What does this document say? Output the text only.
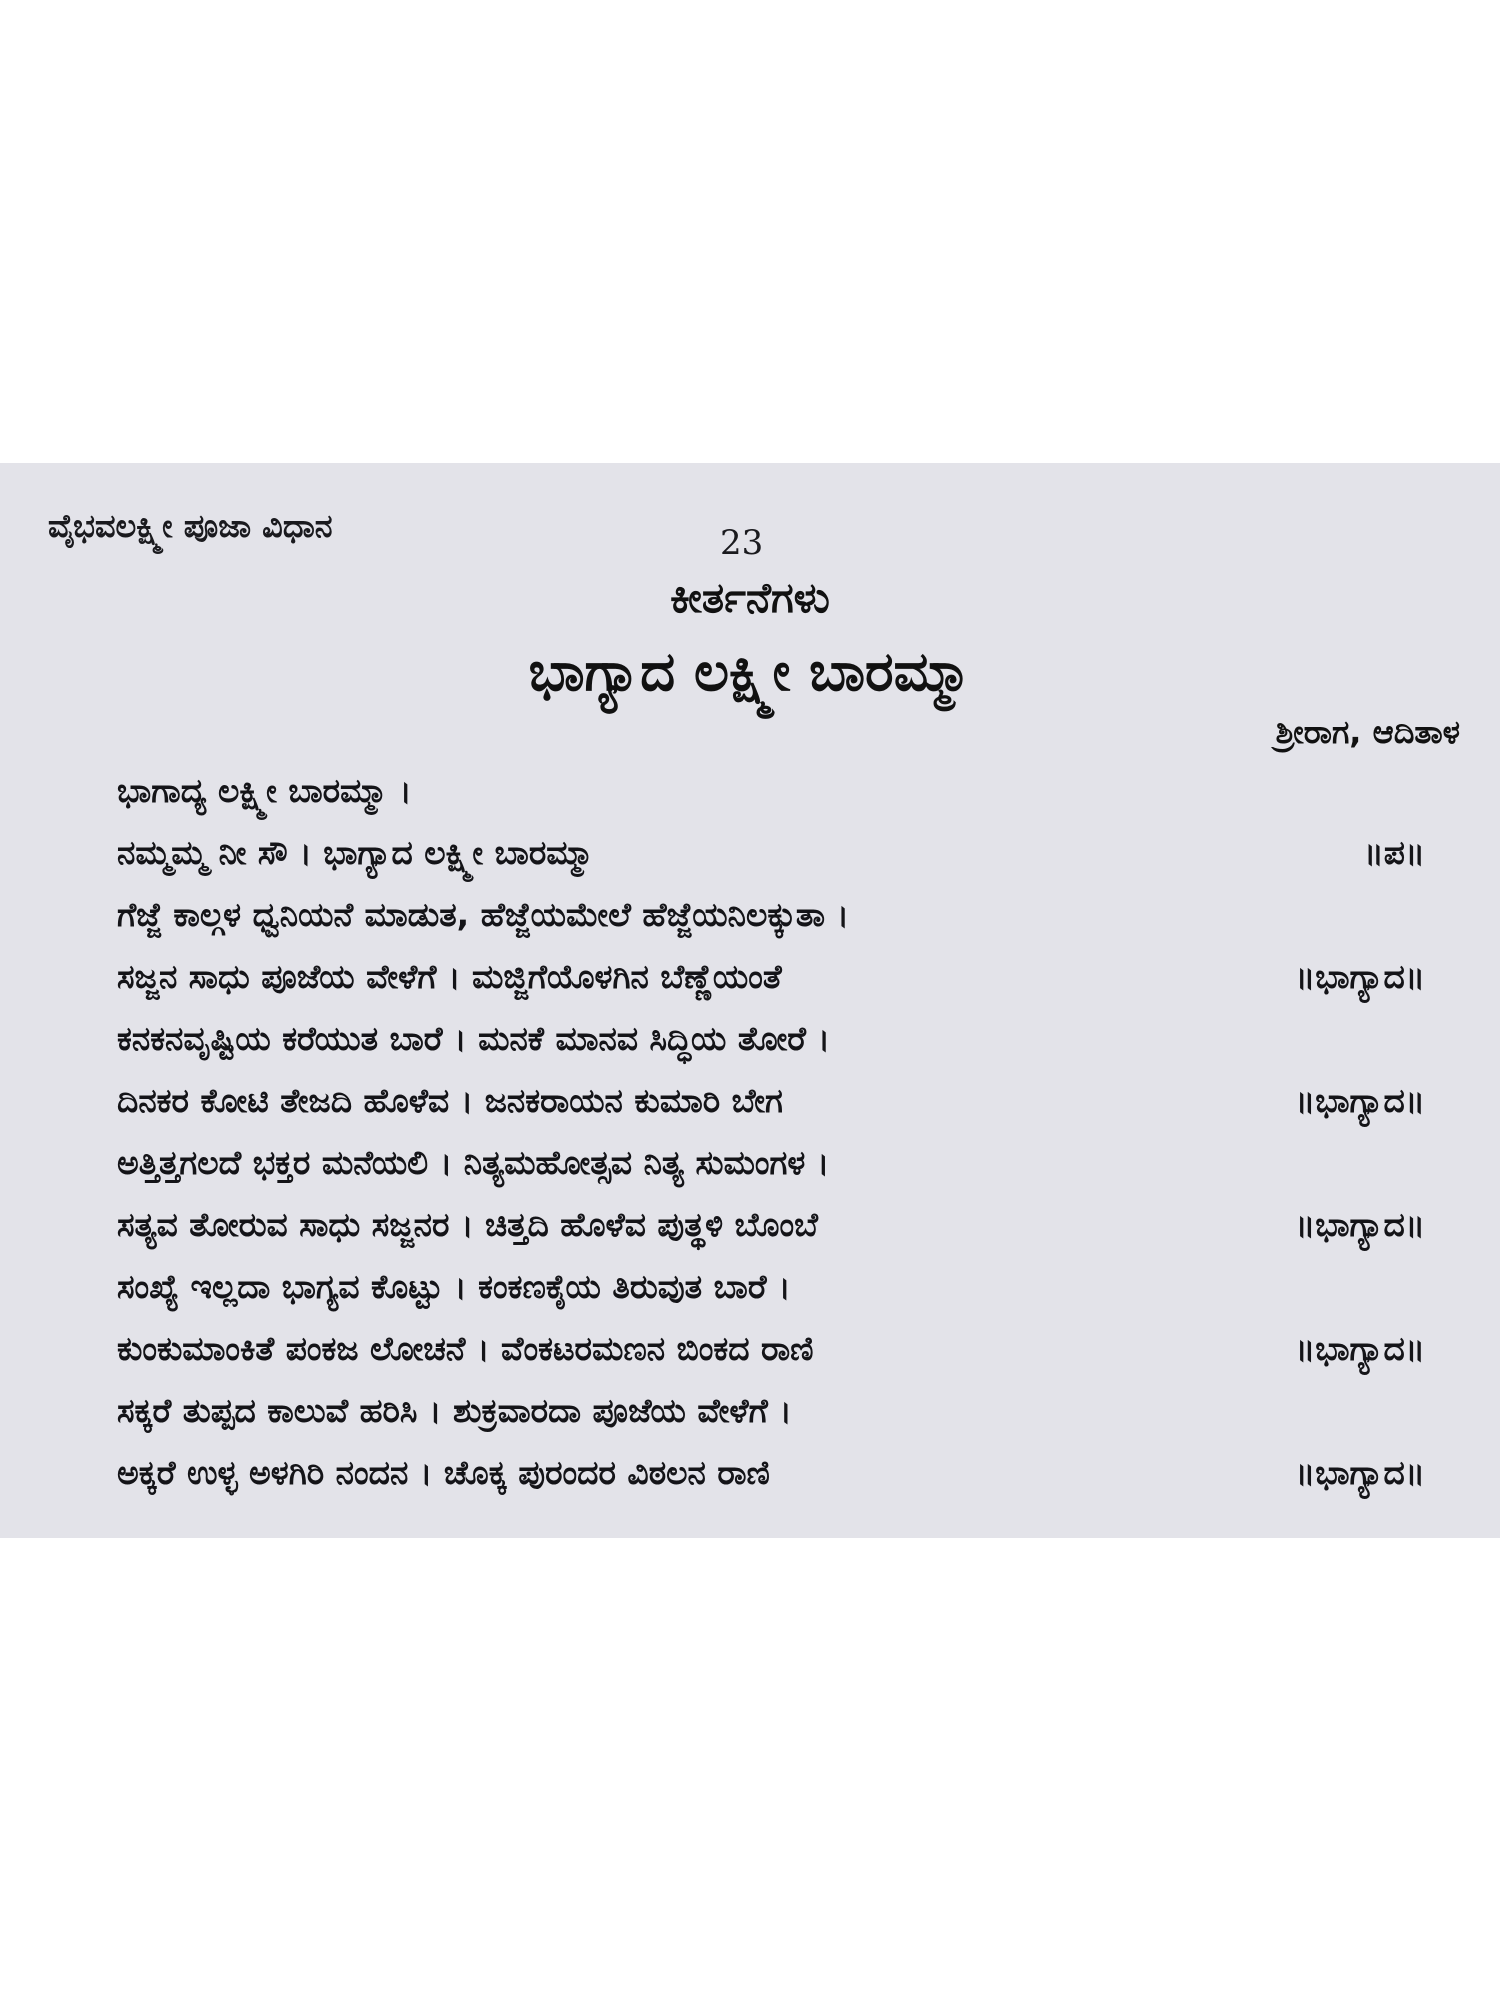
ವೈಭವಲಕ್ಷ್ಮೀ ಪೂಜಾ ವಿಧಾನ	23
ಕೀರ್ತನೆಗಳು
ಭಾಗ್ಯಾದ ಲಕ್ಷ್ಮೀ ಬಾರಮ್ಮಾ
ಶ್ರೀರಾಗ, ಆದಿತಾಳ
ಭಾಗಾದ್ಯ ಲಕ್ಷ್ಮೀ ಬಾರಮ್ಮಾ ।
ನಮ್ಮಮ್ಮ ನೀ ಸೌ । ಭಾಗ್ಯಾದ ಲಕ್ಷ್ಮೀ ಬಾರಮ್ಮಾ	॥ಪ॥
ಗೆಜ್ಜೆ ಕಾಲ್ಗಳ ಧ್ವನಿಯನೆ ಮಾಡುತ, ಹೆಜ್ಜೆಯಮೇಲೆ ಹೆಜ್ಜೆಯನಿಲಕ್ಕುತಾ ।
ಸಜ್ಜನ ಸಾಧು ಪೂಜೆಯ ವೇಳೆಗೆ । ಮಜ್ಜಿಗೆಯೊಳಗಿನ ಬೆಣ್ಣೆಯಂತೆ	॥ಭಾಗ್ಯಾದ॥
ಕನಕನವೃಷ್ಟಿಯ ಕರೆಯುತ ಬಾರೆ । ಮನಕೆ ಮಾನವ ಸಿದ್ಧಿಯ ತೋರೆ ।
ದಿನಕರ ಕೋಟಿ ತೇಜದಿ ಹೊಳೆವ । ಜನಕರಾಯನ ಕುಮಾರಿ ಬೇಗ	॥ಭಾಗ್ಯಾದ॥
ಅತ್ತಿತ್ತಗಲದೆ ಭಕ್ತರ ಮನೆಯಲಿ । ನಿತ್ಯಮಹೋತ್ಸವ ನಿತ್ಯ ಸುಮಂಗಳ ।
ಸತ್ಯವ ತೋರುವ ಸಾಧು ಸಜ್ಜನರ । ಚಿತ್ತದಿ ಹೊಳೆವ ಪುತ್ಥಳಿ ಬೊಂಬೆ	॥ಭಾಗ್ಯಾದ॥
ಸಂಖ್ಯೆ ಇಲ್ಲದಾ ಭಾಗ್ಯವ ಕೊಟ್ಟು । ಕಂಕಣಕೈಯ ತಿರುವುತ ಬಾರೆ ।
ಕುಂಕುಮಾಂಕಿತೆ ಪಂಕಜ ಲೋಚನೆ । ವೆಂಕಟರಮಣನ ಬಿಂಕದ ರಾಣಿ	॥ಭಾಗ್ಯಾದ॥
ಸಕ್ಕರೆ ತುಪ್ಪದ ಕಾಲುವೆ ಹರಿಸಿ । ಶುಕ್ರವಾರದಾ ಪೂಜೆಯ ವೇಳೆಗೆ ।
ಅಕ್ಕರೆ ಉಳ್ಳ ಅಳಗಿರಿ ನಂದನ । ಚೊಕ್ಕ ಪುರಂದರ ವಿಠಲನ ರಾಣಿ	॥ಭಾಗ್ಯಾದ॥
